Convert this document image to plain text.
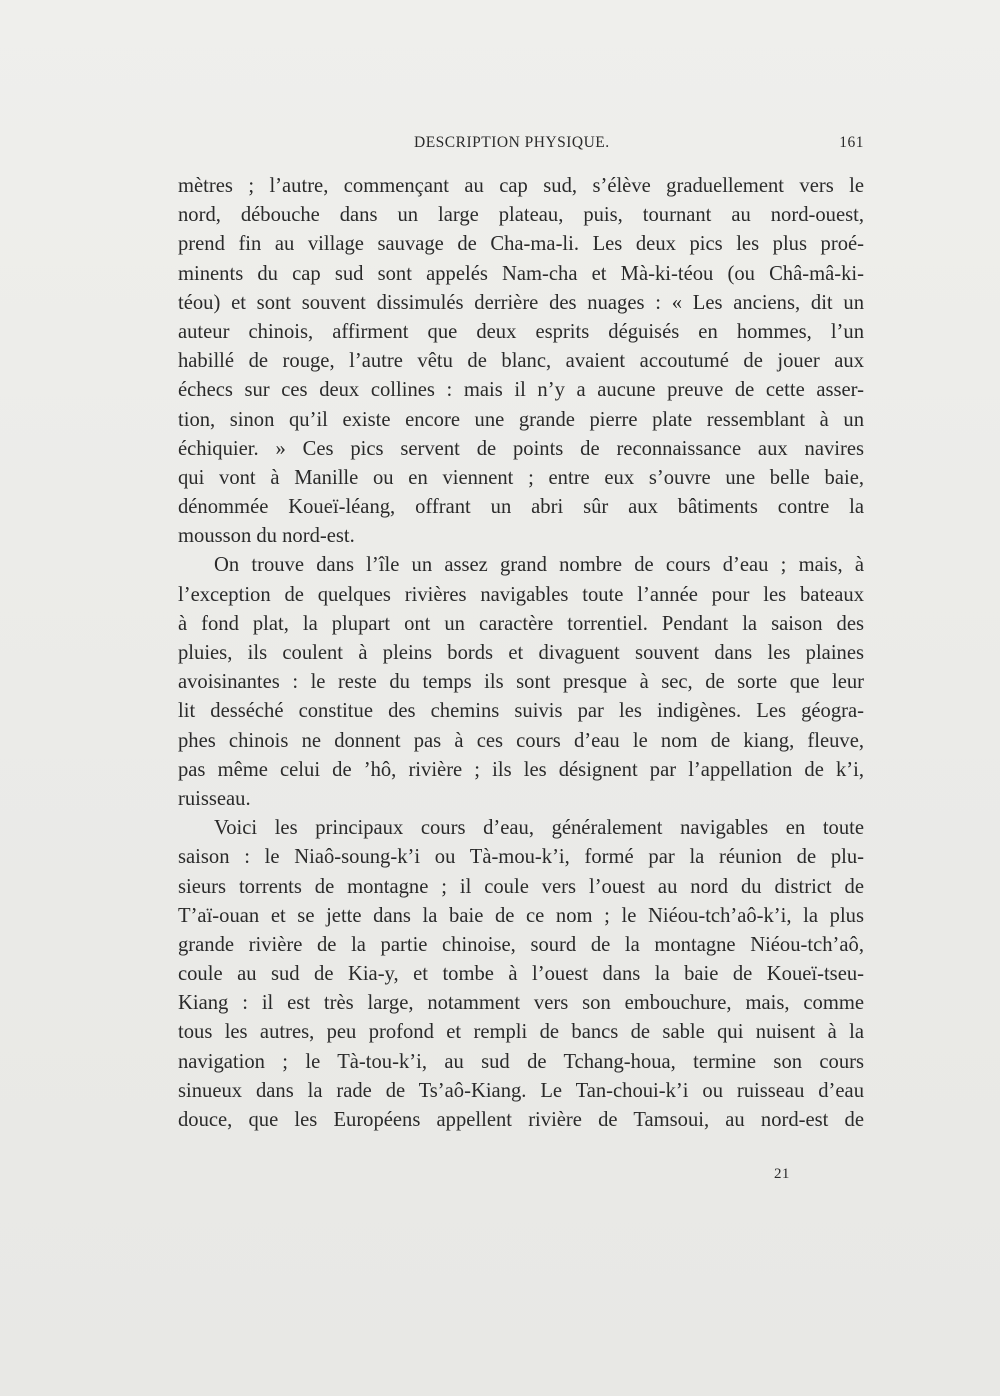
DESCRIPTION PHYSIQUE.	161
mètres ; l’autre, commençant au cap sud, s’élève graduellement vers le
nord, débouche dans un large plateau, puis, tournant au nord-ouest,
prend fin au village sauvage de Cha-ma-li. Les deux pics les plus proé-
minents du cap sud sont appelés Nam-cha et Mà-ki-téou (ou Châ-mâ-ki-
téou) et sont souvent dissimulés derrière des nuages : « Les anciens, dit un
auteur chinois, affirment que deux esprits déguisés en hommes, l’un
habillé de rouge, l’autre vêtu de blanc, avaient accoutumé de jouer aux
échecs sur ces deux collines : mais il n’y a aucune preuve de cette asser-
tion, sinon qu’il existe encore une grande pierre plate ressemblant à un
échiquier. » Ces pics servent de points de reconnaissance aux navires
qui vont à Manille ou en viennent ; entre eux s’ouvre une belle baie,
dénommée Koueï-léang, offrant un abri sûr aux bâtiments contre la
mousson du nord-est.
On trouve dans l’île un assez grand nombre de cours d’eau ; mais, à
l’exception de quelques rivières navigables toute l’année pour les bateaux
à fond plat, la plupart ont un caractère torrentiel. Pendant la saison des
pluies, ils coulent à pleins bords et divaguent souvent dans les plaines
avoisinantes : le reste du temps ils sont presque à sec, de sorte que leur
lit desséché constitue des chemins suivis par les indigènes. Les géogra-
phes chinois ne donnent pas à ces cours d’eau le nom de kiang, fleuve,
pas même celui de ’hô, rivière ; ils les désignent par l’appellation de k’i,
ruisseau.
Voici les principaux cours d’eau, généralement navigables en toute
saison : le Niaô-soung-k’i ou Tà-mou-k’i, formé par la réunion de plu-
sieurs torrents de montagne ; il coule vers l’ouest au nord du district de
T’aï-ouan et se jette dans la baie de ce nom ; le Niéou-tch’aô-k’i, la plus
grande rivière de la partie chinoise, sourd de la montagne Niéou-tch’aô,
coule au sud de Kia-y, et tombe à l’ouest dans la baie de Koueï-tseu-
Kiang : il est très large, notamment vers son embouchure, mais, comme
tous les autres, peu profond et rempli de bancs de sable qui nuisent à la
navigation ; le Tà-tou-k’i, au sud de Tchang-houa, termine son cours
sinueux dans la rade de Ts’aô-Kiang. Le Tan-choui-k’i ou ruisseau d’eau
douce, que les Européens appellent rivière de Tamsoui, au nord-est de
21
